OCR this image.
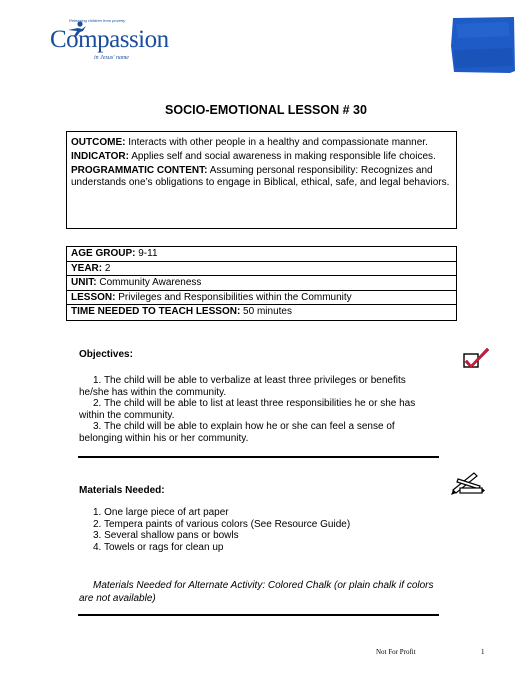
Releasing children from poverty
Compassion
in Jesus' name
SOCIO-EMOTIONAL LESSON # 30

OUTCOME: Interacts with other people in a healthy and compassionate manner.

INDICATOR: Applies self and social awareness in making responsible life choices.

PROGRAMMATIC CONTENT: Assuming personal responsibility: Recognizes and understands one’s obligations to engage in Biblical, ethical, safe, and legal behaviors.

AGE GROUP: 9-11
YEAR: 2
UNIT: Community Awareness
LESSON: Privileges and Responsibilities within the Community
TIME NEEDED TO TEACH LESSON: 50 minutes
Objectives:
1. The child will be able to verbalize at least three privileges or benefits
he/she has within the community.
2. The child will be able to list at least three responsibilities he or she has
within the community.
3. The child will be able to explain how he or she can feel a sense of
belonging within his or her community.
Materials Needed:
1. One large piece of art paper
2. Tempera paints of various colors (See Resource Guide)
3. Several shallow pans or bowls
4. Towels or rags for clean up
Materials Needed for Alternate Activity: Colored Chalk (or plain chalk if colors are not available)
Not For Profit	1
